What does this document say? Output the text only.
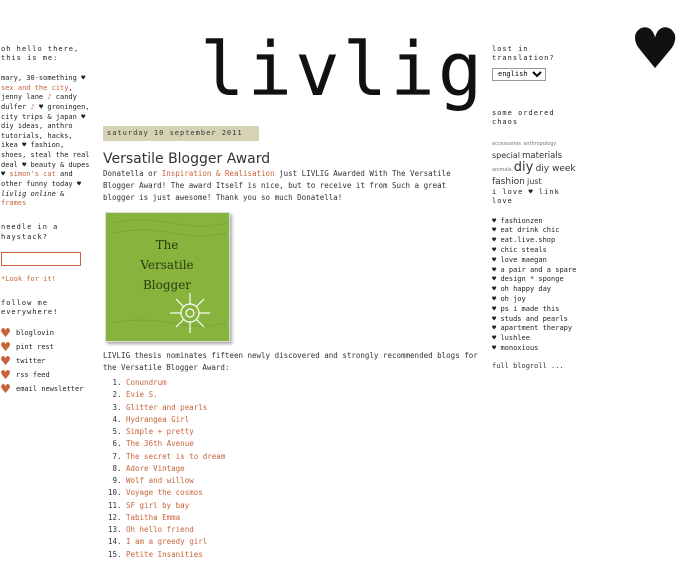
livlig	♥
oh hello there, this is me:
mary, 30-something ♥ sex and the city, jenny lane ♪ candy dulfer ♪ ♥ groningen, city trips & japan ♥ diy ideas, anthro tutorials, hacks, ikea ♥ fashion, shoes, steal the real deal ♥ beauty & dupes ♥ simon's cat and other funny today ♥ livlig online & frames
needle in a haystack?
*Look for it!
follow me everywhere!
♥ bloglovin
♥ pint rest
♥ twitter
♥ rss feed
♥ email newsletter
saturday 10 september 2011
Versatile Blogger Award
Donatella or Inspiration & Realisation just LIVLIG Awarded With The Versatile Blogger Award! The award Itself is nice, but to receive it from Such a great blogger is just awesome! Thank you so much Donatella!
The
Versatile
Blogger
LIVLIG thesis nominates fifteen newly discovered and strongly recommended blogs for the Versatile Blogger Award:
1. Conundrum
2. Evie S.
3. Glitter and pearls
4. Hydrangea Girl
5. Simple + pretty
6. The 36th Avenue
7. The secret is to dream
8. Adore Vintage
9. Wolf and willow
10. Voyage the cosmos
11. SF girl by bay
12. Tabitha Emma
13. Oh hello friend
14. I am a greedy girl
15. Petite Insanities
lost in translation?
english
some ordered chaos
accessories anthropology special materials animals diy diy week fashion just
i love ♥ link love
♥ fashionzen
♥ eat drink chic
♥ eat.live.shop
♥ chic steals
♥ love maegan
♥ a pair and a spare
♥ design * sponge
♥ oh happy day
♥ oh joy
♥ ps i made this
♥ studs and pearls
♥ apartment therapy
♥ lushlee
♥ monoxious
full blogroll ...
